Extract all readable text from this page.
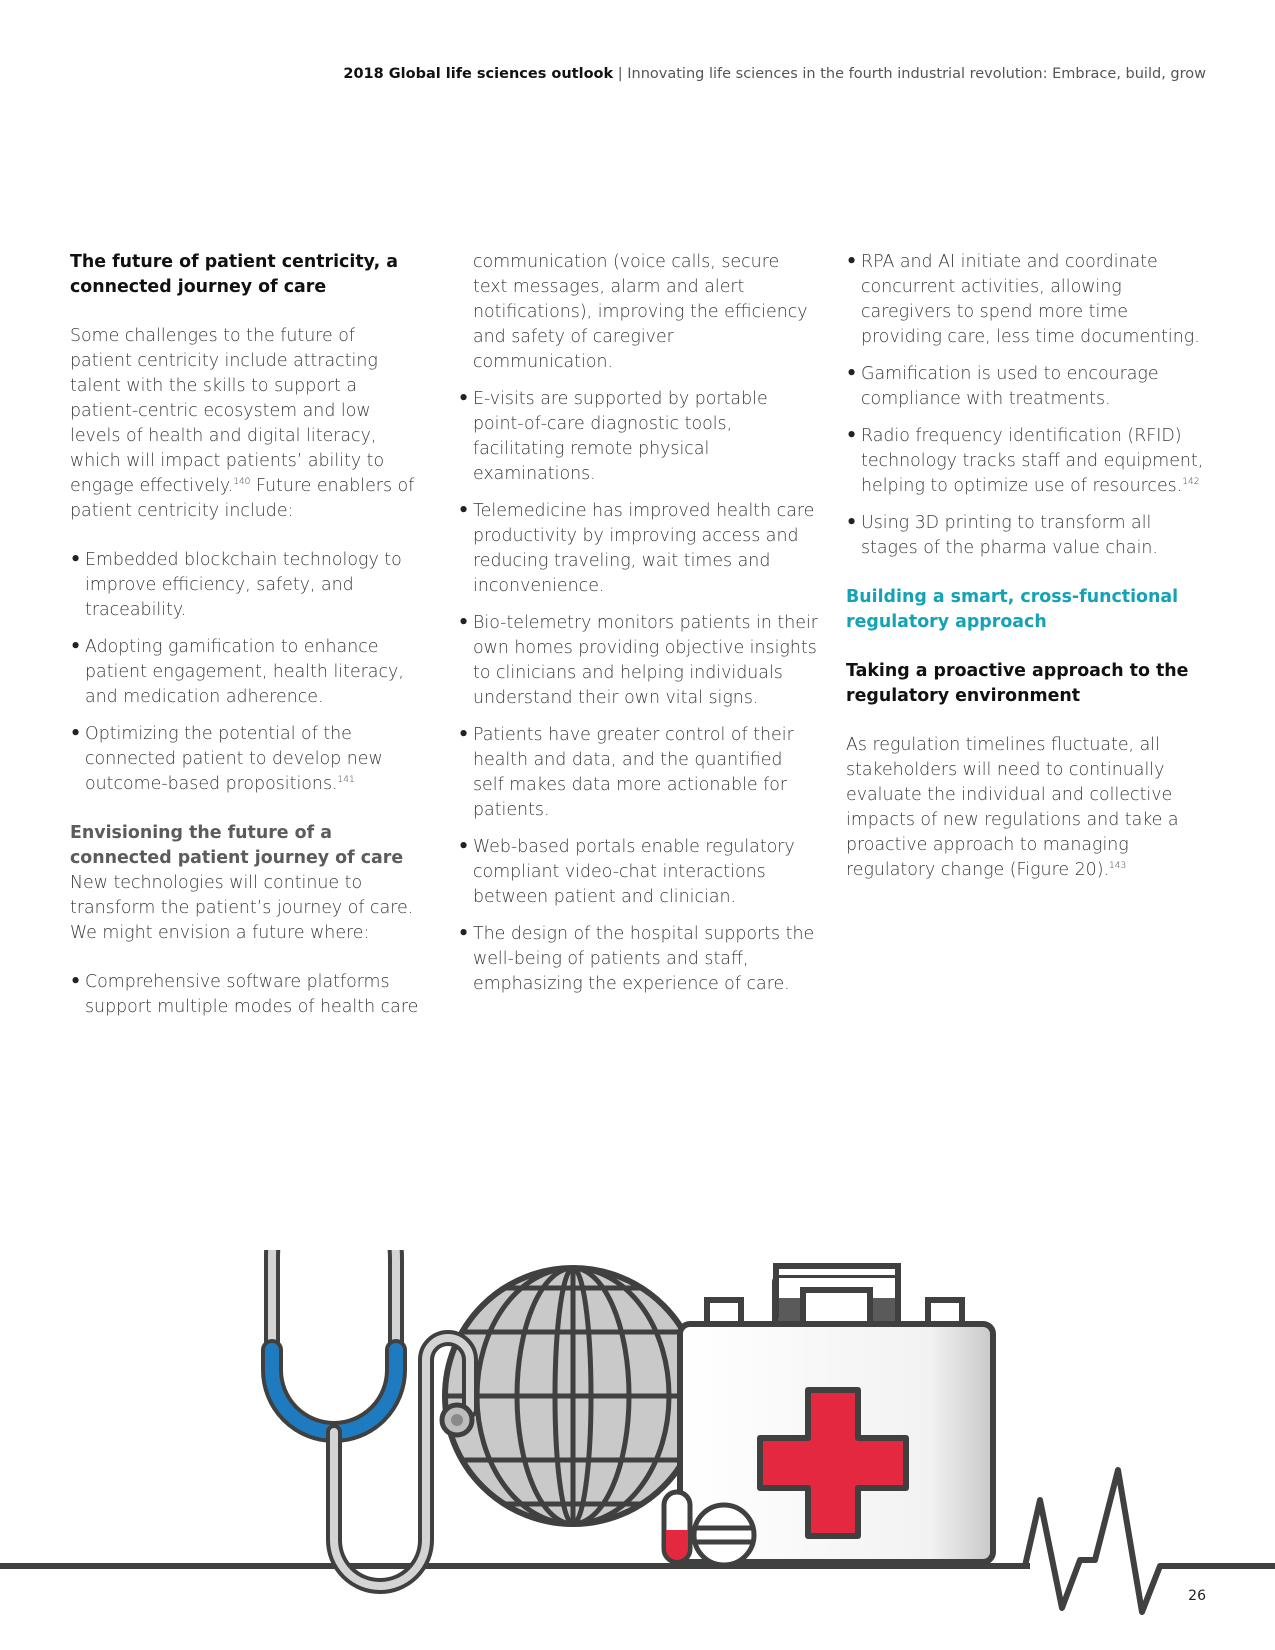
2018 Global life sciences outlook | Innovating life sciences in the fourth industrial revolution: Embrace, build, grow
The future of patient centricity, a connected journey of care

Some challenges to the future of patient centricity include attracting talent with the skills to support a patient-centric ecosystem and low levels of health and digital literacy, which will impact patients’ ability to engage effectively.$^{140}$ Future enablers of patient centricity include:

• Embedded blockchain technology to improve efficiency, safety, and traceability.
• Adopting gamification to enhance patient engagement, health literacy, and medication adherence.
• Optimizing the potential of the connected patient to develop new outcome-based propositions.$^{141}$
Envisioning the future of a connected patient journey of care

New technologies will continue to transform the patient’s journey of care. We might envision a future where:

• Comprehensive software platforms support multiple modes of health care
communication (voice calls, secure text messages, alarm and alert notifications), improving the efficiency and safety of caregiver communication.
• E-visits are supported by portable point-of-care diagnostic tools, facilitating remote physical examinations.
• Telemedicine has improved health care productivity by improving access and reducing traveling, wait times and inconvenience.
• Bio-telemetry monitors patients in their own homes providing objective insights to clinicians and helping individuals understand their own vital signs.
• Patients have greater control of their health and data, and the quantified self makes data more actionable for patients.
• Web-based portals enable regulatory compliant video-chat interactions between patient and clinician.
• The design of the hospital supports the well-being of patients and staff, emphasizing the experience of care.
• RPA and AI initiate and coordinate concurrent activities, allowing caregivers to spend more time providing care, less time documenting.
• Gamification is used to encourage compliance with treatments.
• Radio frequency identification (RFID) technology tracks staff and equipment, helping to optimize use of resources.$^{142}$
• Using 3D printing to transform all stages of the pharma value chain.
Building a smart, cross-functional regulatory approach
Taking a proactive approach to the regulatory environment

As regulation timelines fluctuate, all stakeholders will need to continually evaluate the individual and collective impacts of new regulations and take a proactive approach to managing regulatory change (Figure 20).$^{143}$

26
